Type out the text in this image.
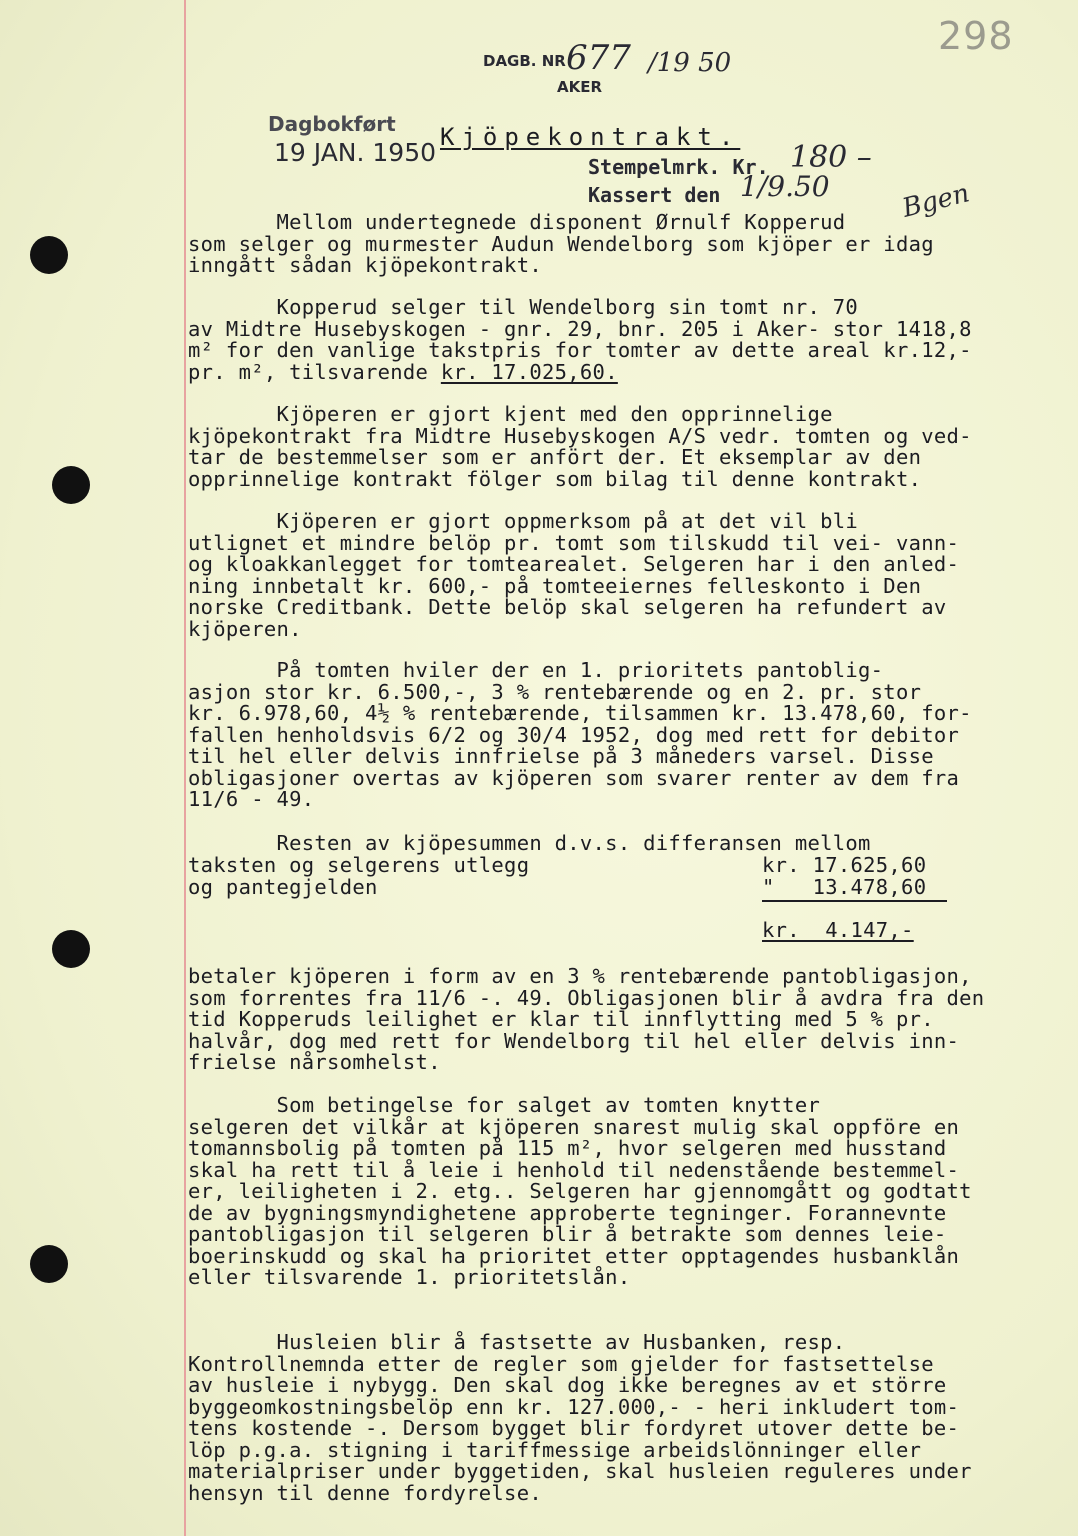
298
DAGB. NR 677 /19 50
AKER
Dagbokført
19 JAN. 1950
Kjöpekontrakt.
Stempelmrk. Kr. 180 –
Kassert den 1/9.50	Bgen
Mellom undertegnede disponent Ørnulf Kopperud
som selger og murmester Audun Wendelborg som kjöper er idag
inngått sådan kjöpekontrakt.
Kopperud selger til Wendelborg sin tomt nr. 70
av Midtre Husebyskogen - gnr. 29, bnr. 205 i Aker- stor 1418,8
m² for den vanlige takstpris for tomter av dette areal kr.12,-
pr. m², tilsvarende kr. 17.025,60.
Kjöperen er gjort kjent med den opprinnelige
kjöpekontrakt fra Midtre Husebyskogen A/S vedr. tomten og ved-
tar de bestemmelser som er anfört der. Et eksemplar av den
opprinnelige kontrakt fölger som bilag til denne kontrakt.
Kjöperen er gjort oppmerksom på at det vil bli
utlignet et mindre belöp pr. tomt som tilskudd til vei- vann-
og kloakkanlegget for tomtearealet. Selgeren har i den anled-
ning innbetalt kr. 600,- på tomteeiernes felleskonto i Den
norske Creditbank. Dette belöp skal selgeren ha refundert av
kjöperen.
På tomten hviler der en 1. prioritets pantoblig-
asjon stor kr. 6.500,-, 3 % rentebærende og en 2. pr. stor
kr. 6.978,60, 4½ % rentebærende, tilsammen kr. 13.478,60, for-
fallen henholdsvis 6/2 og 30/4 1952, dog med rett for debitor
til hel eller delvis innfrielse på 3 måneders varsel. Disse
obligasjoner overtas av kjöperen som svarer renter av dem fra
11/6 - 49.
Resten av kjöpesummen d.v.s. differansen mellom
taksten og selgerens utlegg	kr. 17.625,60
og pantegjelden	"   13.478,60
kr.  4.147,-
betaler kjöperen i form av en 3 % rentebærende pantobligasjon,
som forrentes fra 11/6 -. 49. Obligasjonen blir å avdra fra den
tid Kopperuds leilighet er klar til innflytting med 5 % pr.
halvår, dog med rett for Wendelborg til hel eller delvis inn-
frielse nårsomhelst.
Som betingelse for salget av tomten knytter
selgeren det vilkår at kjöperen snarest mulig skal oppföre en
tomannsbolig på tomten på 115 m², hvor selgeren med husstand
skal ha rett til å leie i henhold til nedenstående bestemmel-
er, leiligheten i 2. etg.. Selgeren har gjennomgått og godtatt
de av bygningsmyndighetene approberte tegninger. Forannevnte
pantobligasjon til selgeren blir å betrakte som dennes leie-
boerinskudd og skal ha prioritet etter opptagendes husbanklån
eller tilsvarende 1. prioritetslån.
Husleien blir å fastsette av Husbanken, resp.
Kontrollnemnda etter de regler som gjelder for fastsettelse
av husleie i nybygg. Den skal dog ikke beregnes av et större
byggeomkostningsbelöp enn kr. 127.000,- - heri inkludert tom-
tens kostende -. Dersom bygget blir fordyret utover dette be-
löp p.g.a. stigning i tariffmessige arbeidslönninger eller
materialpriser under byggetiden, skal husleien reguleres under
hensyn til denne fordyrelse.
